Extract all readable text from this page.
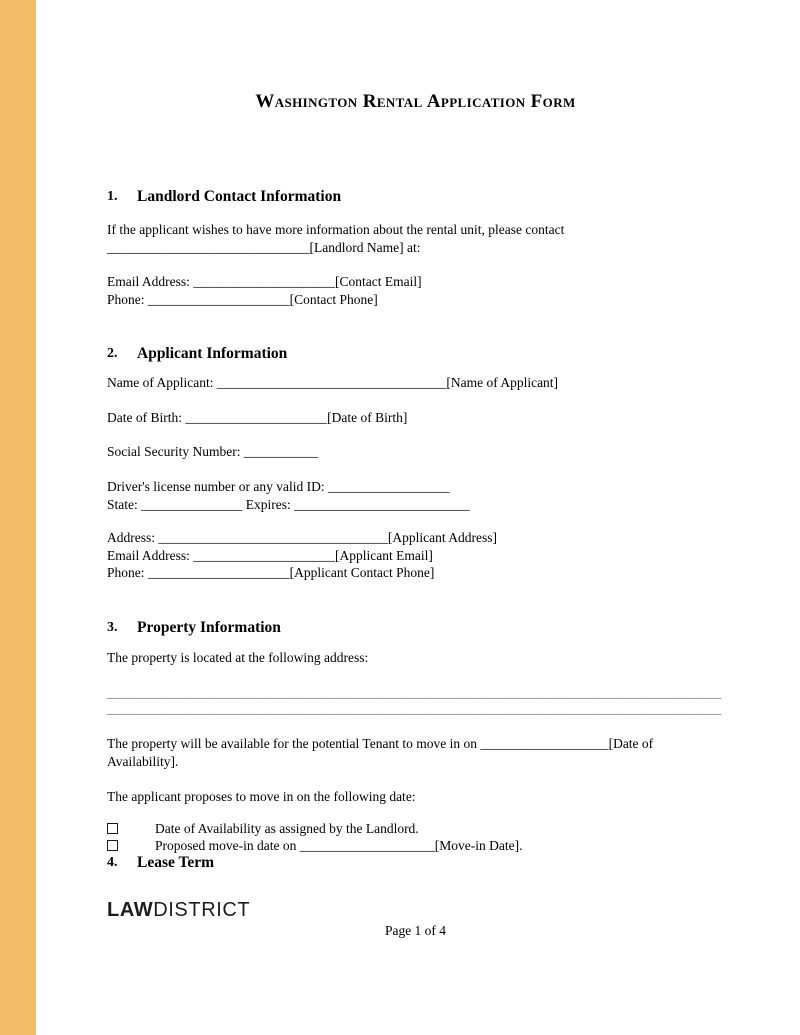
Washington Rental Application Form
1.	Landlord Contact Information
If the applicant wishes to have more information about the rental unit, please contact
______________________________[Landlord Name] at:
Email Address: _____________________[Contact Email]
Phone: _____________________[Contact Phone]
2.	Applicant Information
Name of Applicant: __________________________________[Name of Applicant]
Date of Birth: _____________________[Date of Birth]
Social Security Number: ___________
Driver's license number or any valid ID: __________________
State: _______________ Expires: __________________________
Address: __________________________________[Applicant Address]
Email Address: _____________________[Applicant Email]
Phone: _____________________[Applicant Contact Phone]
3.	Property Information
The property is located at the following address:
___________________________________________________________________________________________
___________________________________________________________________________________________
The property will be available for the potential Tenant to move in on ___________________[Date of
Availability].
The applicant proposes to move in on the following date:
Date of Availability as assigned by the Landlord.
Proposed move-in date on ____________________[Move-in Date].
4.	Lease Term
LAWDISTRICT
Page 1 of 4
